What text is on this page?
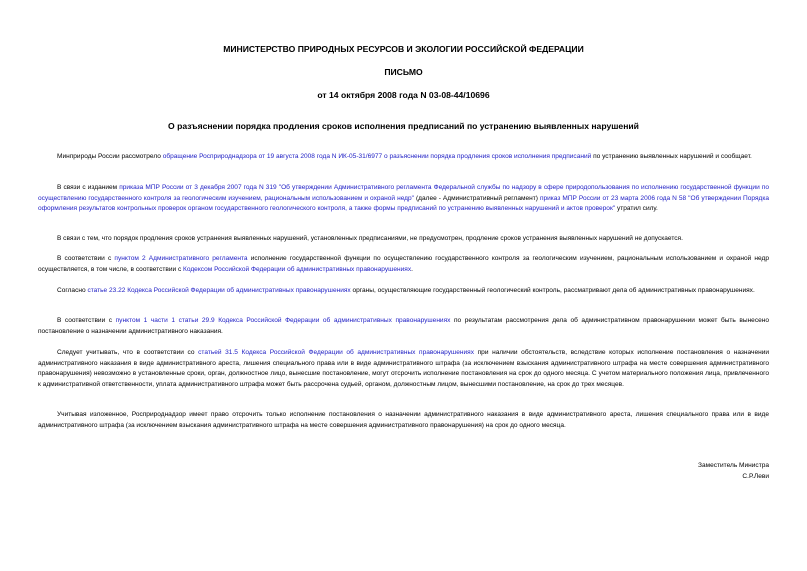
МИНИСТЕРСТВО ПРИРОДНЫХ РЕСУРСОВ И ЭКОЛОГИИ РОССИЙСКОЙ ФЕДЕРАЦИИ
ПИСЬМО
от 14 октября 2008 года N 03-08-44/10696
О разъяснении порядка продления сроков исполнения предписаний по устранению выявленных нарушений

Минприроды России рассмотрело обращение Росприроднадзора от 19 августа 2008 года N ИК-05-31/6977 о разъяснении порядка продления сроков исполнения предписаний по устранению выявленных нарушений и сообщает.

В связи с изданием приказа МПР России от 3 декабря 2007 года N 319 "Об утверждении Административного регламента Федеральной службы по надзору в сфере природопользования по исполнению государственной функции по осуществлению государственного контроля за геологическим изучением, рациональным использованием и охраной недр" (далее - Административный регламент) приказ МПР России от 23 марта 2006 года N 58 "Об утверждении Порядка оформления результатов контрольных проверок органом государственного геологического контроля, а также формы предписаний по устранению выявленных нарушений и актов проверок" утратил силу.

В связи с тем, что порядок продления сроков устранения выявленных нарушений, установленных предписаниями, не предусмотрен, продление сроков устранения выявленных нарушений не допускается.

В соответствии с пунктом 2 Административного регламента исполнение государственной функции по осуществлению государственного контроля за геологическим изучением, рациональным использованием и охраной недр осуществляется, в том числе, в соответствии с Кодексом Российской Федерации об административных правонарушениях.

Согласно статье 23.22 Кодекса Российской Федерации об административных правонарушениях органы, осуществляющие государственный геологический контроль, рассматривают дела об административных правонарушениях.

В соответствии с пунктом 1 части 1 статьи 29.9 Кодекса Российской Федерации об административных правонарушениях по результатам рассмотрения дела об административном правонарушении может быть вынесено постановление о назначении административного наказания.

Следует учитывать, что в соответствии со статьей 31.5 Кодекса Российской Федерации об административных правонарушениях при наличии обстоятельств, вследствие которых исполнение постановления о назначении административного наказания в виде административного ареста, лишения специального права или в виде административного штрафа (за исключением взыскания административного штрафа на месте совершения административного правонарушения) невозможно в установленные сроки, орган, должностное лицо, вынесшие постановление, могут отсрочить исполнение постановления на срок до одного месяца. С учетом материального положения лица, привлеченного к административной ответственности, уплата административного штрафа может быть рассрочена судьей, органом, должностным лицом, вынесшими постановление, на срок до трех месяцев.

Учитывая изложенное, Росприроднадзор имеет право отсрочить только исполнение постановления о назначении административного наказания в виде административного ареста, лишения специального права или в виде административного штрафа (за исключением взыскания административного штрафа на месте совершения административного правонарушения) на срок до одного месяца.

Заместитель Министра
С.Р.Леви
